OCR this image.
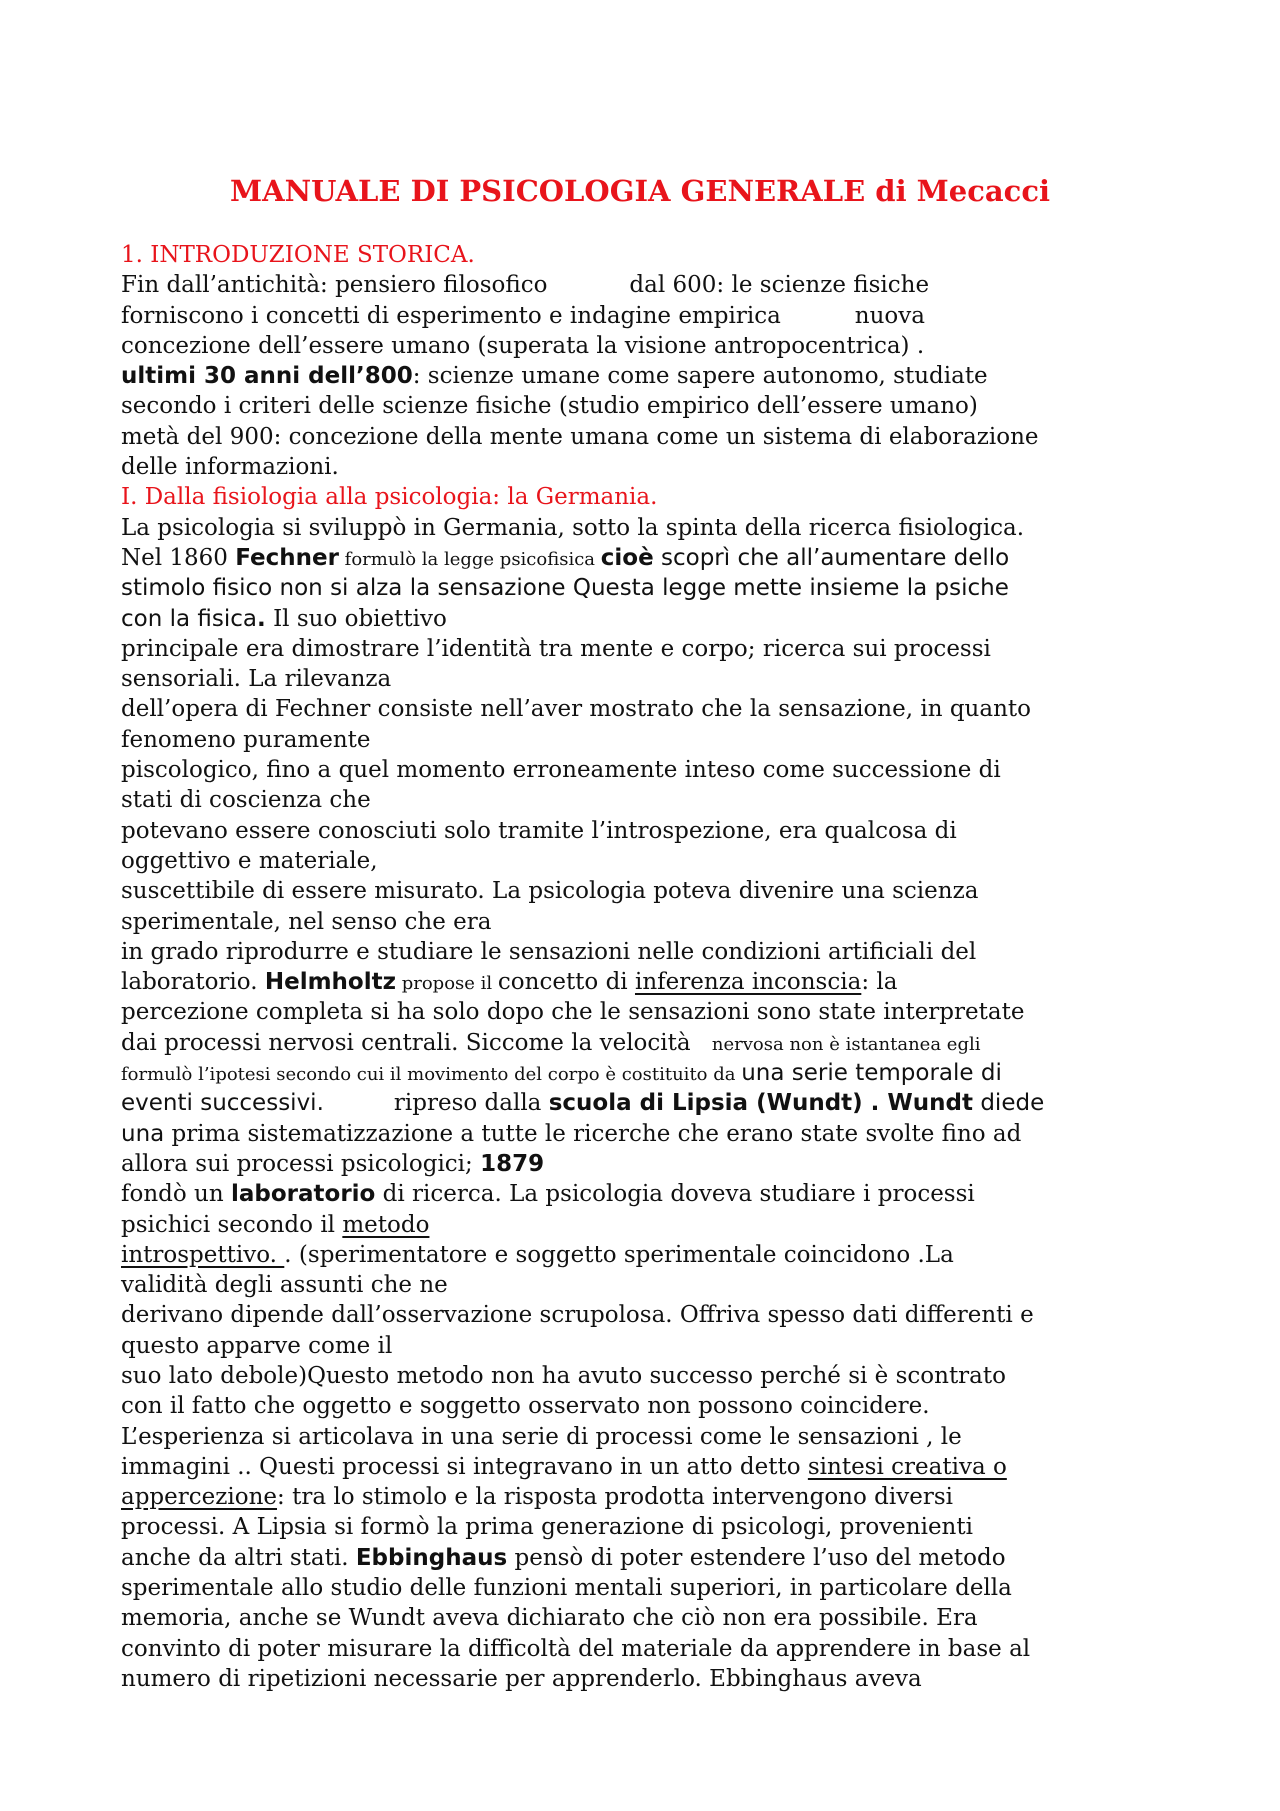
MANUALE DI PSICOLOGIA GENERALE di Mecacci
1. INTRODUZIONE STORICA.
Fin dall’antichità: pensiero filosofico	dal 600: le scienze fisiche
forniscono i concetti di esperimento e indagine empirica	nuova
concezione dell’essere umano (superata la visione antropocentrica) .
ultimi 30 anni dell’800: scienze umane come sapere autonomo, studiate
secondo i criteri delle scienze fisiche (studio empirico dell’essere umano)
metà del 900: concezione della mente umana come un sistema di elaborazione
delle informazioni.
I. Dalla fisiologia alla psicologia: la Germania.
La psicologia si sviluppò in Germania, sotto la spinta della ricerca fisiologica.
Nel 1860 Fechner formulò la legge psicofisica cioè scoprì che all’aumentare dello
stimolo fisico non si alza la sensazione Questa legge mette insieme la psiche
con la fisica. Il suo obiettivo
principale era dimostrare l’identità tra mente e corpo; ricerca sui processi
sensoriali. La rilevanza
dell’opera di Fechner consiste nell’aver mostrato che la sensazione, in quanto
fenomeno puramente
piscologico, fino a quel momento erroneamente inteso come successione di
stati di coscienza che
potevano essere conosciuti solo tramite l’introspezione, era qualcosa di
oggettivo e materiale,
suscettibile di essere misurato. La psicologia poteva divenire una scienza
sperimentale, nel senso che era
in grado riprodurre e studiare le sensazioni nelle condizioni artificiali del
laboratorio. Helmholtz propose il concetto di inferenza inconscia: la
percezione completa si ha solo dopo che le sensazioni sono state interpretate
dai processi nervosi centrali. Siccome la velocità nervosa non è istantanea egli
formulò l’ipotesi secondo cui il movimento del corpo è costituito da una serie temporale di
eventi successivi.	ripreso dalla scuola di Lipsia (Wundt) . Wundt diede
una prima sistematizzazione a tutte le ricerche che erano state svolte fino ad
allora sui processi psicologici; 1879
fondò un laboratorio di ricerca. La psicologia doveva studiare i processi
psichici secondo il metodo
introspettivo. . (sperimentatore e soggetto sperimentale coincidono .La
validità degli assunti che ne
derivano dipende dall’osservazione scrupolosa. Offriva spesso dati differenti e
questo apparve come il
suo lato debole)Questo metodo non ha avuto successo perché si è scontrato
con il fatto che oggetto e soggetto osservato non possono coincidere.
L’esperienza si articolava in una serie di processi come le sensazioni , le
immagini .. Questi processi si integravano in un atto detto sintesi creativa o
appercezione: tra lo stimolo e la risposta prodotta intervengono diversi
processi. A Lipsia si formò la prima generazione di psicologi, provenienti
anche da altri stati. Ebbinghaus pensò di poter estendere l’uso del metodo
sperimentale allo studio delle funzioni mentali superiori, in particolare della
memoria, anche se Wundt aveva dichiarato che ciò non era possibile. Era
convinto di poter misurare la difficoltà del materiale da apprendere in base al
numero di ripetizioni necessarie per apprenderlo. Ebbinghaus aveva
